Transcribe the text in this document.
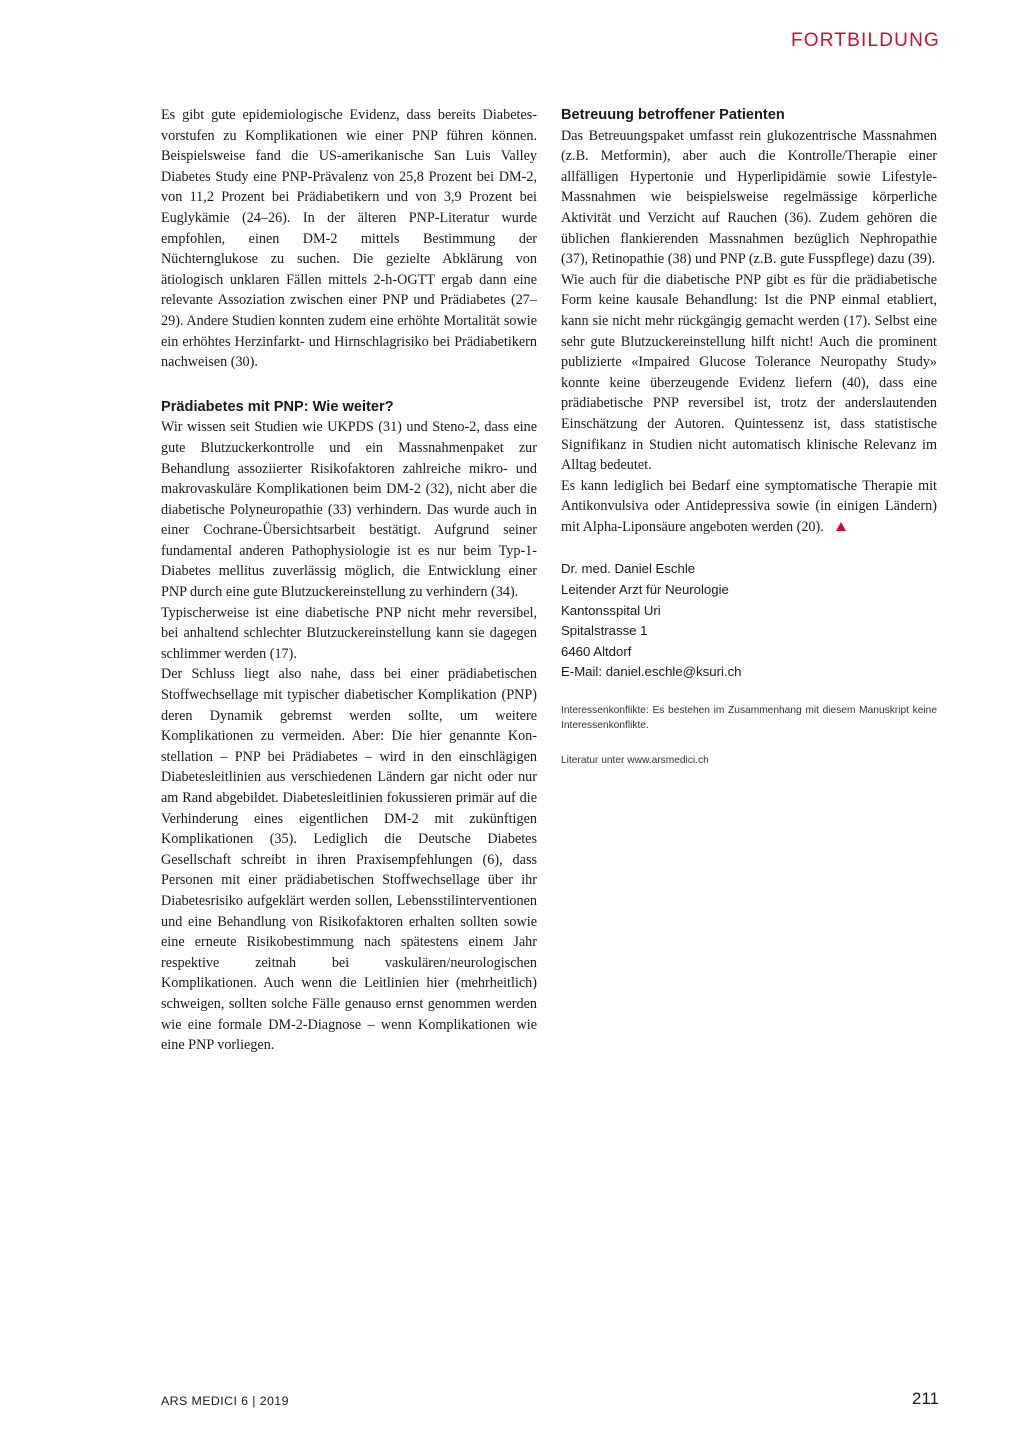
FORTBILDUNG

Es gibt gute epidemiologische Evidenz, dass bereits Diabetesvorstufen zu Komplikationen wie einer PNP führen können. Beispielsweise fand die US-amerikanische San Luis Valley Diabetes Study eine PNP-Prävalenz von 25,8 Prozent bei DM-2, von 11,2 Prozent bei Prädiabetikern und von 3,9 Prozent bei Euglykämie (24–26). In der älteren PNP-Literatur wurde empfohlen, einen DM-2 mittels Bestimmung der Nüchternglukose zu suchen. Die gezielte Abklärung von ätiologisch unklaren Fällen mittels 2-h-OGTT ergab dann eine relevante Assoziation zwischen einer PNP und Prädiabetes (27–29). Andere Studien konnten zudem eine erhöhte Mortalität sowie ein erhöhtes Herzinfarkt- und Hirnschlagrisiko bei Prädiabetikern nachweisen (30).

Prädiabetes mit PNP: Wie weiter?

Wir wissen seit Studien wie UKPDS (31) und Steno-2, dass eine gute Blutzuckerkontrolle und ein Massnahmenpaket zur Behandlung assoziierter Risikofaktoren zahlreiche mikro- und makrovaskuläre Komplikationen beim DM-2 (32), nicht aber die diabetische Polyneuropathie (33) verhindern. Das wurde auch in einer Cochrane-Übersichtsarbeit bestätigt. Aufgrund seiner fundamental anderen Pathophysiologie ist es nur beim Typ-1-Diabetes mellitus zuverlässig möglich, die Entwicklung einer PNP durch eine gute Blutzuckereinstellung zu verhindern (34).

Typischerweise ist eine diabetische PNP nicht mehr reversibel, bei anhaltend schlechter Blutzuckereinstellung kann sie dagegen schlimmer werden (17).

Der Schluss liegt also nahe, dass bei einer prädiabetischen Stoffwechsellage mit typischer diabetischer Komplikation (PNP) deren Dynamik gebremst werden sollte, um weitere Komplikationen zu vermeiden. Aber: Die hier genannte Konstellation – PNP bei Prädiabetes – wird in den einschlägigen Diabetesleitlinien aus verschiedenen Ländern gar nicht oder nur am Rand abgebildet. Diabetesleitlinien fokussieren primär auf die Verhinderung eines eigentlichen DM-2 mit zukünftigen Komplikationen (35). Lediglich die Deutsche Diabetes Gesellschaft schreibt in ihren Praxisempfehlungen (6), dass Personen mit einer prädiabetischen Stoffwechsellage über ihr Diabetesrisiko aufgeklärt werden sollen, Lebensstilinterventionen und eine Behandlung von Risikofaktoren erhalten sollten sowie eine erneute Risikobestimmung nach spätestens einem Jahr respektive zeitnah bei vaskulären/neurologischen Komplikationen. Auch wenn die Leitlinien hier (mehrheitlich) schweigen, sollten solche Fälle genauso ernst genommen werden wie eine formale DM-2-Diagnose – wenn Komplikationen wie eine PNP vorliegen.

Betreuung betroffener Patienten

Das Betreuungspaket umfasst rein glukozentrische Massnahmen (z.B. Metformin), aber auch die Kontrolle/Therapie einer allfälligen Hypertonie und Hyperlipidämie sowie Lifestyle-Massnahmen wie beispielsweise regelmässige körperliche Aktivität und Verzicht auf Rauchen (36). Zudem gehören die üblichen flankierenden Massnahmen bezüglich Nephropathie (37), Retinopathie (38) und PNP (z.B. gute Fusspflege) dazu (39).

Wie auch für die diabetische PNP gibt es für die prädiabetische Form keine kausale Behandlung: Ist die PNP einmal etabliert, kann sie nicht mehr rückgängig gemacht werden (17). Selbst eine sehr gute Blutzuckereinstellung hilft nicht! Auch die prominent publizierte «Impaired Glucose Tolerance Neuropathy Study» konnte keine überzeugende Evidenz liefern (40), dass eine prädiabetische PNP reversibel ist, trotz der anderslautenden Einschätzung der Autoren. Quintessenz ist, dass statistische Signifikanz in Studien nicht automatisch klinische Relevanz im Alltag bedeutet.

Es kann lediglich bei Bedarf eine symptomatische Therapie mit Antikonvulsiva oder Antidepressiva sowie (in einigen Ländern) mit Alpha-Liponsäure angeboten werden (20).

Dr. med. Daniel Eschle
Leitender Arzt für Neurologie
Kantonsspital Uri
Spitalstrasse 1
6460 Altdorf
E-Mail: daniel.eschle@ksuri.ch
Interessenkonflikte: Es bestehen im Zusammenhang mit diesem Manuskript keine Interessenkonflikte.
Literatur unter www.arsmedici.ch
ARS MEDICI 6 | 2019	211
